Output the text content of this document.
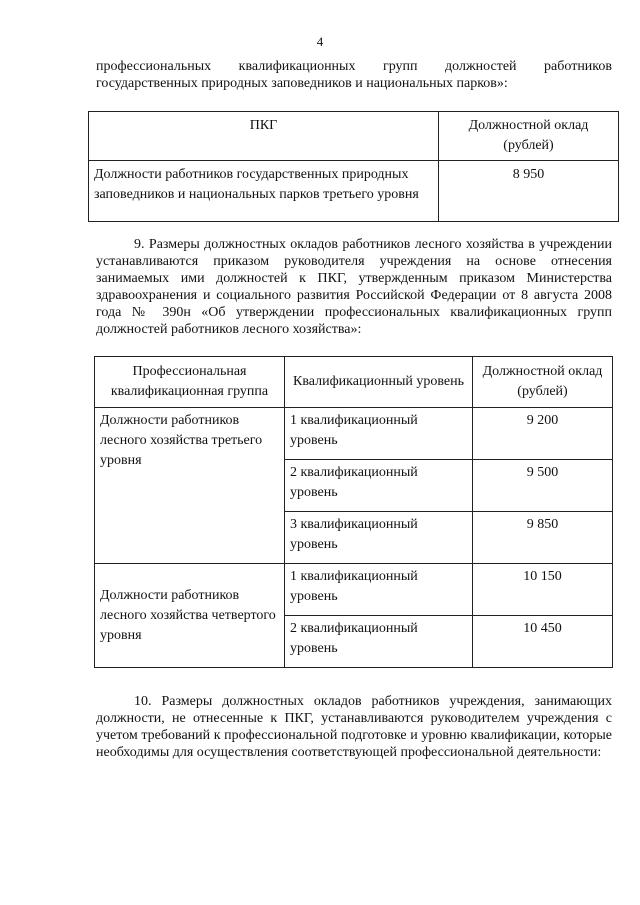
4
профессиональных квалификационных групп должностей работников государственных природных заповедников и национальных парков»:
ПКГ	Должностной оклад (рублей)
Должности работников государственных природных заповедников и национальных парков третьего уровня	8 950
9. Размеры должностных окладов работников лесного хозяйства в учреждении устанавливаются приказом руководителя учреждения на основе отнесения занимаемых ими должностей к ПКГ, утвержденным приказом Министерства здравоохранения и социального развития Российской Федерации от 8 августа 2008 года № 390н «Об утверждении профессиональных квалификационных групп должностей работников лесного хозяйства»:
Профессиональная квалификационная группа	Квалификационный уровень	Должностной оклад (рублей)
Должности работников лесного хозяйства третьего уровня	1 квалификационный уровень	9 200
	2 квалификационный уровень	9 500
	3 квалификационный уровень	9 850
Должности работников лесного хозяйства четвертого уровня	1 квалификационный уровень	10 150
	2 квалификационный уровень	10 450
10. Размеры должностных окладов работников учреждения, занимающих должности, не отнесенные к ПКГ, устанавливаются руководителем учреждения с учетом требований к профессиональной подготовке и уровню квалификации, которые необходимы для осуществления соответствующей профессиональной деятельности:
